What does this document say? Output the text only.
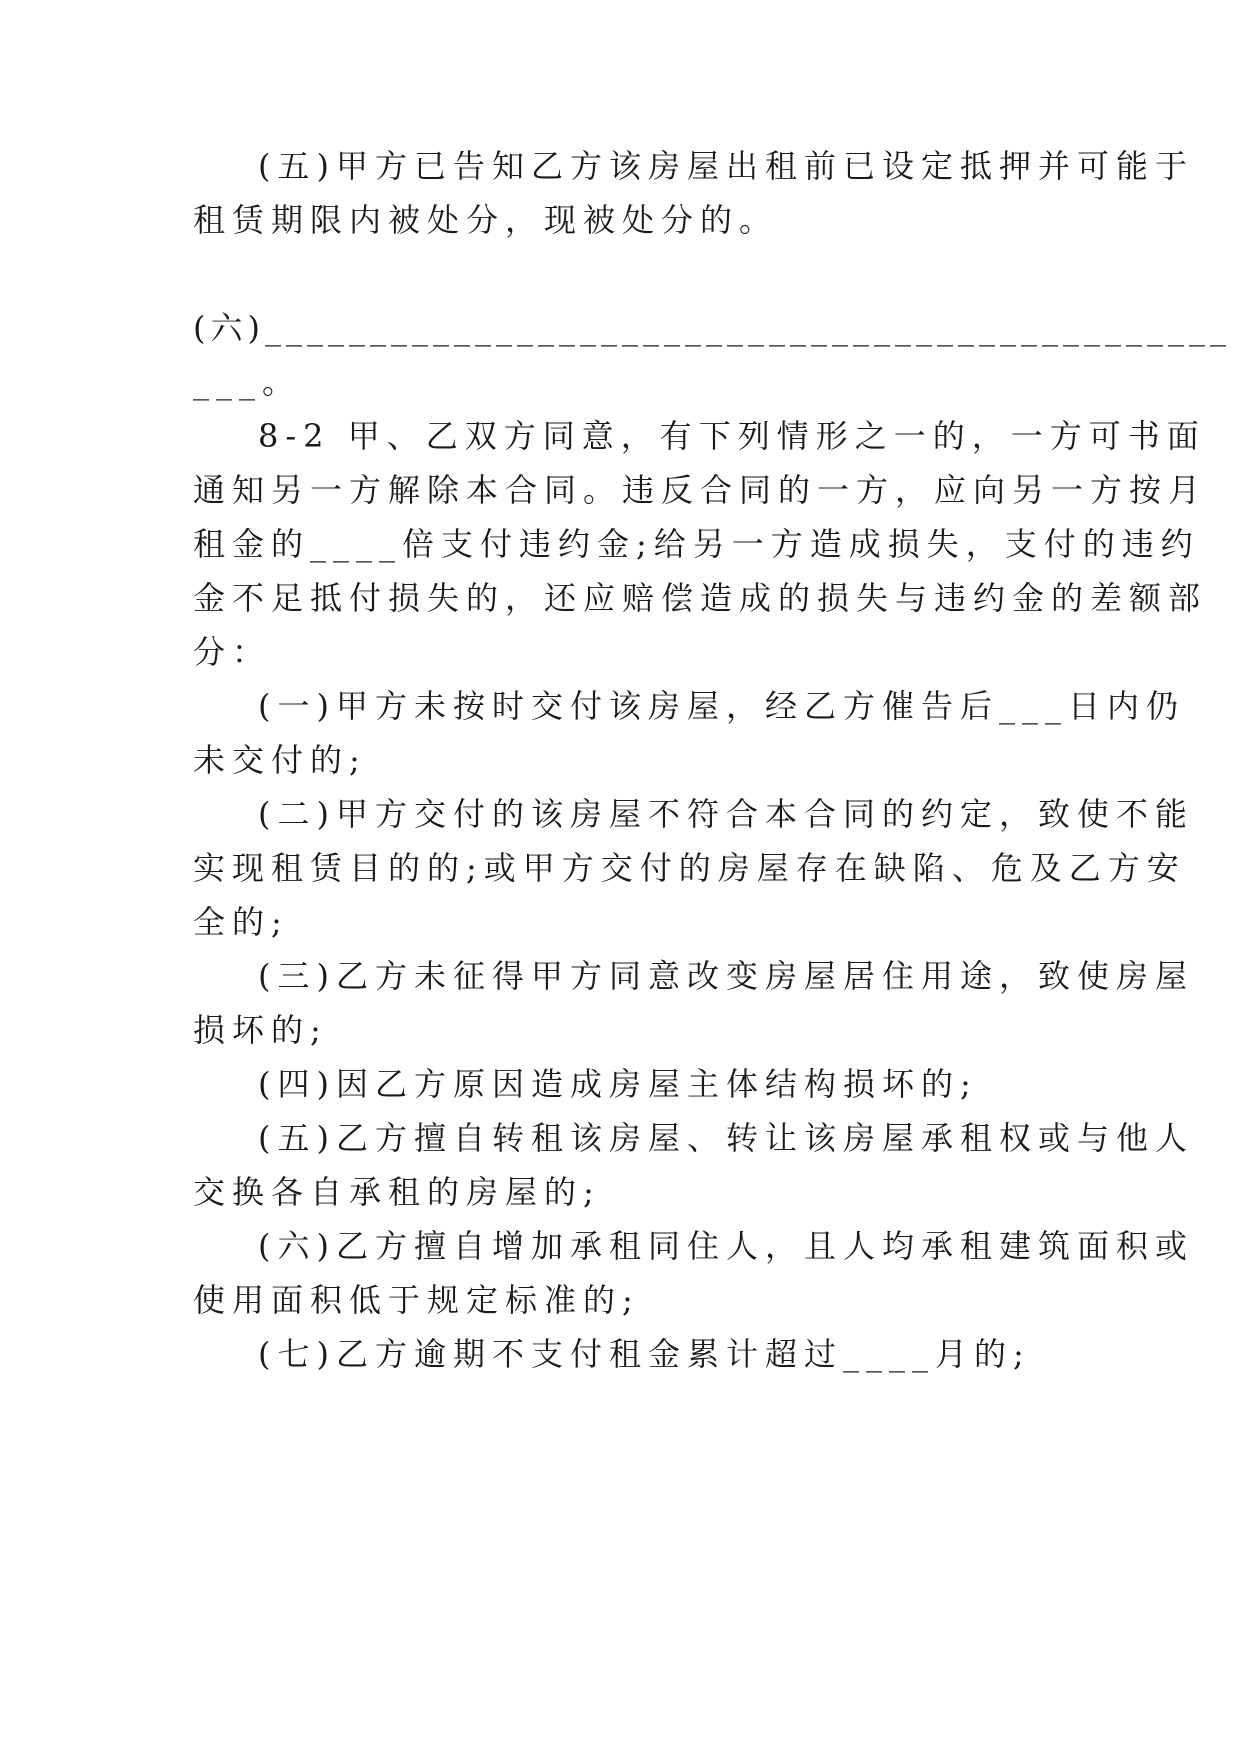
(五)甲方已告知乙方该房屋出租前已设定抵押并可能于
租赁期限内被处分，现被处分的。
(六)______________________________________________
___。
8-2 甲、乙双方同意，有下列情形之一的，一方可书面
通知另一方解除本合同。违反合同的一方，应向另一方按月
租金的____倍支付违约金;给另一方造成损失，支付的违约
金不足抵付损失的，还应赔偿造成的损失与违约金的差额部
分：
(一)甲方未按时交付该房屋，经乙方催告后___日内仍
未交付的;
(二)甲方交付的该房屋不符合本合同的约定，致使不能
实现租赁目的的;或甲方交付的房屋存在缺陷、危及乙方安
全的;
(三)乙方未征得甲方同意改变房屋居住用途，致使房屋
损坏的;
(四)因乙方原因造成房屋主体结构损坏的;
(五)乙方擅自转租该房屋、转让该房屋承租权或与他人
交换各自承租的房屋的;
(六)乙方擅自增加承租同住人，且人均承租建筑面积或
使用面积低于规定标准的;
(七)乙方逾期不支付租金累计超过____月的;
